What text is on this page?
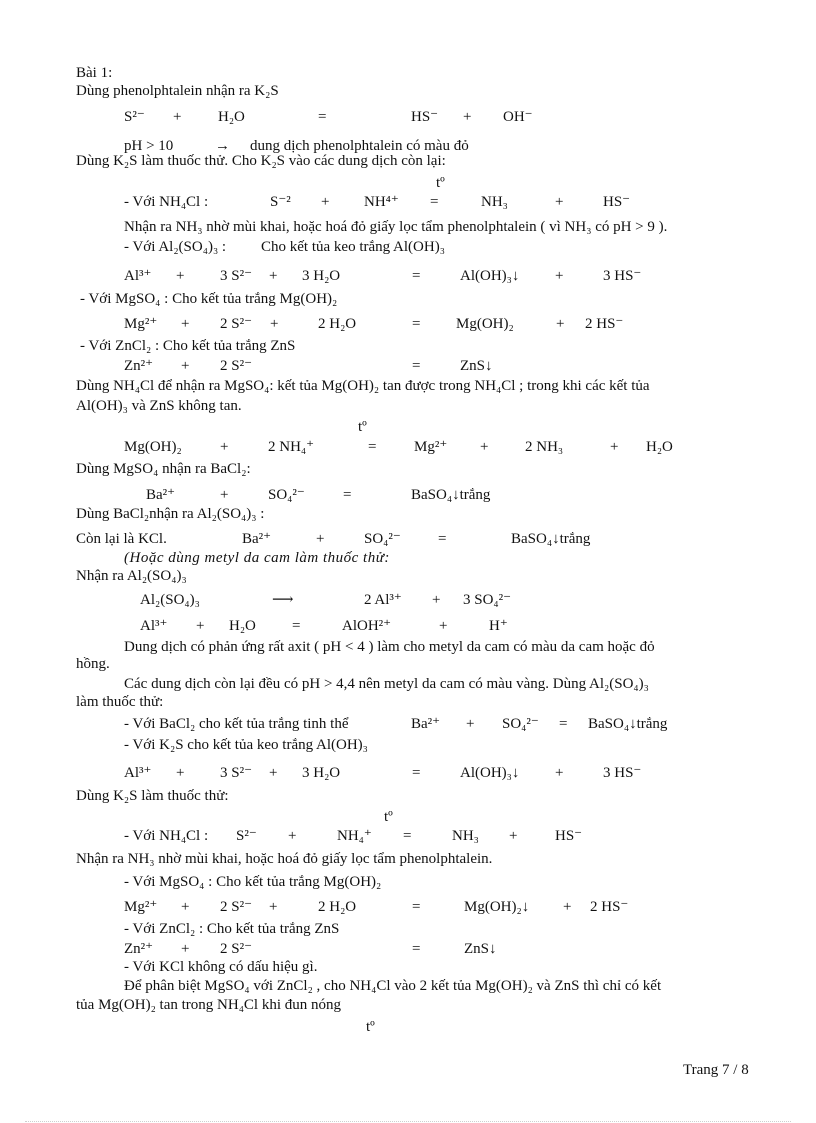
Bài 1:
Dùng phenolphtalein nhận ra K₂S
S²⁻ + H₂O	=	HS⁻ + OH⁻
pH > 10	→ dung dịch phenolphtalein có màu đỏ
Dùng K₂S làm thuốc thử. Cho K₂S vào các dung dịch còn lại:
tº
- Với NH₄Cl :	S⁻² + NH⁴⁺ =	NH₃	+	HS⁻
Nhận ra NH₃ nhờ mùi khai, hoặc hoá đỏ giấy lọc tẩm phenolphtalein ( vì NH₃ có pH > 9 ).
- Với Al₂(SO₄)₃ : Cho kết tủa keo trắng Al(OH)₃
Al³⁺ + 3 S²⁻ + 3 H₂O	=	Al(OH)₃↓ +	3 HS⁻
- Với MgSO₄ : Cho kết tủa trắng Mg(OH)₂
Mg²⁺ + 2 S²⁻ +	2 H₂O	= Mg(OH)₂	+ 2 HS⁻
- Với ZnCl₂ : Cho kết tủa trắng ZnS
Zn²⁺ + 2 S²⁻	=	ZnS↓
Dùng NH₄Cl để nhận ra MgSO₄: kết tủa Mg(OH)₂ tan được trong NH₄Cl ; trong khi các kết tủa
Al(OH)₃ và ZnS không tan.
tº
Mg(OH)₂	+	2 NH₄⁺	=	Mg²⁺ + 2 NH₃	+ H₂O
Dùng MgSO₄ nhận ra BaCl₂:
Ba²⁺	+	SO₄²⁻	=	BaSO₄↓trắng
Dùng BaCl₂nhận ra Al₂(SO₄)₃ :
Còn lại là KCl.	Ba²⁺	+	SO₄²⁻ =	BaSO₄↓trắng
(Hoặc dùng metyl da cam làm thuốc thử:
Nhận ra Al₂(SO₄)₃
Al₂(SO₄)₃	⟶	2 Al³⁺ + 3 SO₄²⁻
Al³⁺ + H₂O =	AlOH²⁺	+	H⁺
Dung dịch có phản ứng rất axit ( pH < 4 ) làm cho metyl da cam có màu da cam hoặc đỏ
hồng.
Các dung dịch còn lại đều có pH > 4,4 nên metyl da cam có màu vàng. Dùng Al₂(SO₄)₃
làm thuốc thử:
- Với BaCl₂ cho kết tủa trắng tinh thể	Ba²⁺ + SO₄²⁻ = BaSO₄↓trắng
- Với K₂S cho kết tủa keo trắng Al(OH)₃
Al³⁺ + 3 S²⁻ + 3 H₂O	=	Al(OH)₃↓ +	3 HS⁻
Dùng K₂S làm thuốc thử:
tº
- Với NH₄Cl : S²⁻ +	NH₄⁺ =	NH₃ +	HS⁻
Nhận ra NH₃ nhờ mùi khai, hoặc hoá đỏ giấy lọc tẩm phenolphtalein.
- Với MgSO₄ : Cho kết tủa trắng Mg(OH)₂
Mg²⁺ + 2 S²⁻ +	2 H₂O	=	Mg(OH)₂↓ + 2 HS⁻
- Với ZnCl₂ : Cho kết tủa trắng ZnS
Zn²⁺ + 2 S²⁻	=	ZnS↓
- Với KCl không có dấu hiệu gì.
Để phân biệt MgSO₄ với ZnCl₂ , cho NH₄Cl vào 2 kết tủa Mg(OH)₂ và ZnS thì chỉ có kết
tủa Mg(OH)₂ tan trong NH₄Cl khi đun nóng
tº
Trang 7 / 8
